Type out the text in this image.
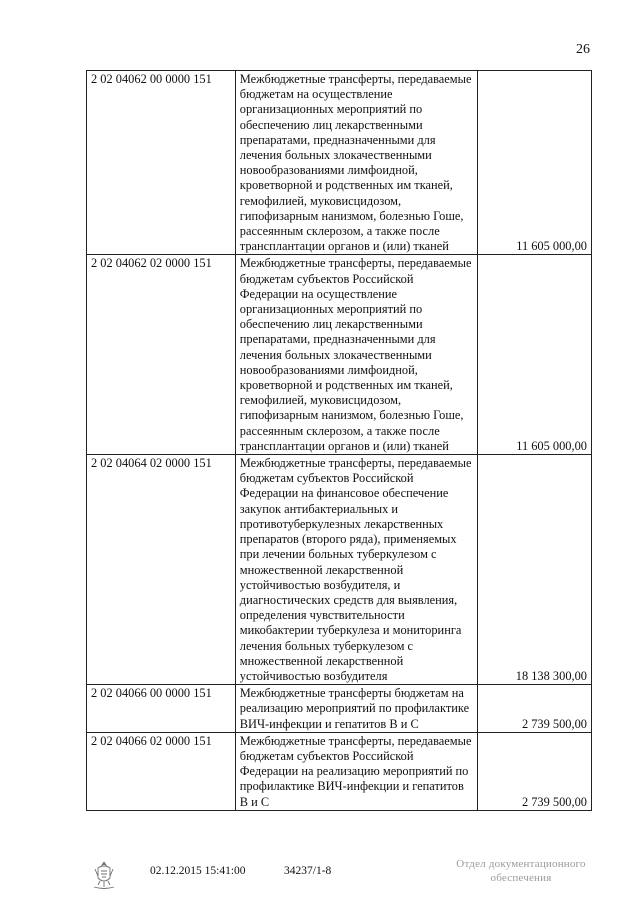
26
2 02 04062 00 0000 151	Межбюджетные трансферты, передаваемые бюджетам на осуществление организационных мероприятий по обеспечению лиц лекарственными препаратами, предназначенными для лечения больных злокачественными новообразованиями лимфоидной, кроветворной и родственных им тканей, гемофилией, муковисцидозом, гипофизарным нанизмом, болезнью Гоше, рассеянным склерозом, а также после трансплантации органов и (или) тканей	11 605 000,00
2 02 04062 02 0000 151	Межбюджетные трансферты, передаваемые бюджетам субъектов Российской Федерации на осуществление организационных мероприятий по обеспечению лиц лекарственными препаратами, предназначенными для лечения больных злокачественными новообразованиями лимфоидной, кроветворной и родственных им тканей, гемофилией, муковисцидозом, гипофизарным нанизмом, болезнью Гоше, рассеянным склерозом, а также после трансплантации органов и (или) тканей	11 605 000,00
2 02 04064 02 0000 151	Межбюджетные трансферты, передаваемые бюджетам субъектов Российской Федерации на финансовое обеспечение закупок антибактериальных и противотуберкулезных лекарственных препаратов (второго ряда), применяемых при лечении больных туберкулезом с множественной лекарственной устойчивостью возбудителя, и диагностических средств для выявления, определения чувствительности микобактерии туберкулеза и мониторинга лечения больных туберкулезом с множественной лекарственной устойчивостью возбудителя	18 138 300,00
2 02 04066 00 0000 151	Межбюджетные трансферты бюджетам на реализацию мероприятий по профилактике ВИЧ-инфекции и гепатитов В и С	2 739 500,00
2 02 04066 02 0000 151	Межбюджетные трансферты, передаваемые бюджетам субъектов Российской Федерации на реализацию мероприятий по профилактике ВИЧ-инфекции и гепатитов В и С	2 739 500,00
02.12.2015 15:41:00	34237/1-8
Отдел документационного
обеспечения
